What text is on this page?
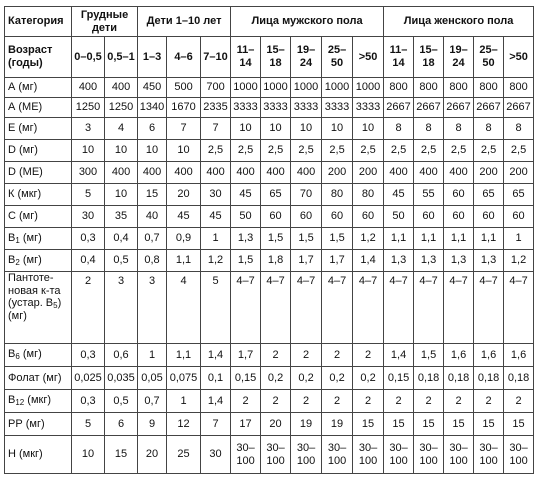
Категория	Грудные дети		Дети 1–10 лет			Лица мужского пола					Лица женского пола				
Возраст (годы)	0–0,5	0,5–1	1–3	4–6	7–10	11–14	15–18	19–24	25–50	>50	11–14	15–18	19–24	25–50	>50
А (мг)	400	400	450	500	700	1000	1000	1000	1000	1000	800	800	800	800	800
А (МЕ)	1250	1250	1340	1670	2335	3333	3333	3333	3333	3333	2667	2667	2667	2667	2667
Е (мг)	3	4	6	7	7	10	10	10	10	10	8	8	8	8	8
D (мг)	10	10	10	10	2,5	2,5	2,5	2,5	2,5	2,5	2,5	2,5	2,5	2,5	2,5
D (МЕ)	300	400	400	400	400	400	400	400	200	200	400	400	400	200	200
К (мкг)	5	10	15	20	30	45	65	70	80	80	45	55	60	65	65
С (мг)	30	35	40	45	45	50	60	60	60	60	50	60	60	60	60
$В_1$ (мг)	0,3	0,4	0,7	0,9	1	1,3	1,5	1,5	1,5	1,2	1,1	1,1	1,1	1,1	1
$В_2$ (мг)	0,4	0,5	0,8	1,1	1,2	1,5	1,8	1,7	1,7	1,4	1,3	1,3	1,3	1,3	1,2
Пантоте-новая к-та (устар. $В_5$) (мг)	2	3	3	4	5	4–7	4–7	4–7	4–7	4–7	4–7	4–7	4–7	4–7	4–7
$В_6$ (мг)	0,3	0,6	1	1,1	1,4	1,7	2	2	2	2	1,4	1,5	1,6	1,6	1,6
Фолат (мг)	0,025	0,035	0,05	0,075	0,1	0,15	0,2	0,2	0,2	0,2	0,15	0,18	0,18	0,18	0,18
$В_{12}$ (мкг)	0,3	0,5	0,7	1	1,4	2	2	2	2	2	2	2	2	2	2
РР (мг)	5	6	9	12	7	17	20	19	19	15	15	15	15	15	15
Н (мкг)	10	15	20	25	30	30–100	30–100	30–100	30–100	30–100	30–100	30–100	30–100	30–100	30–100
